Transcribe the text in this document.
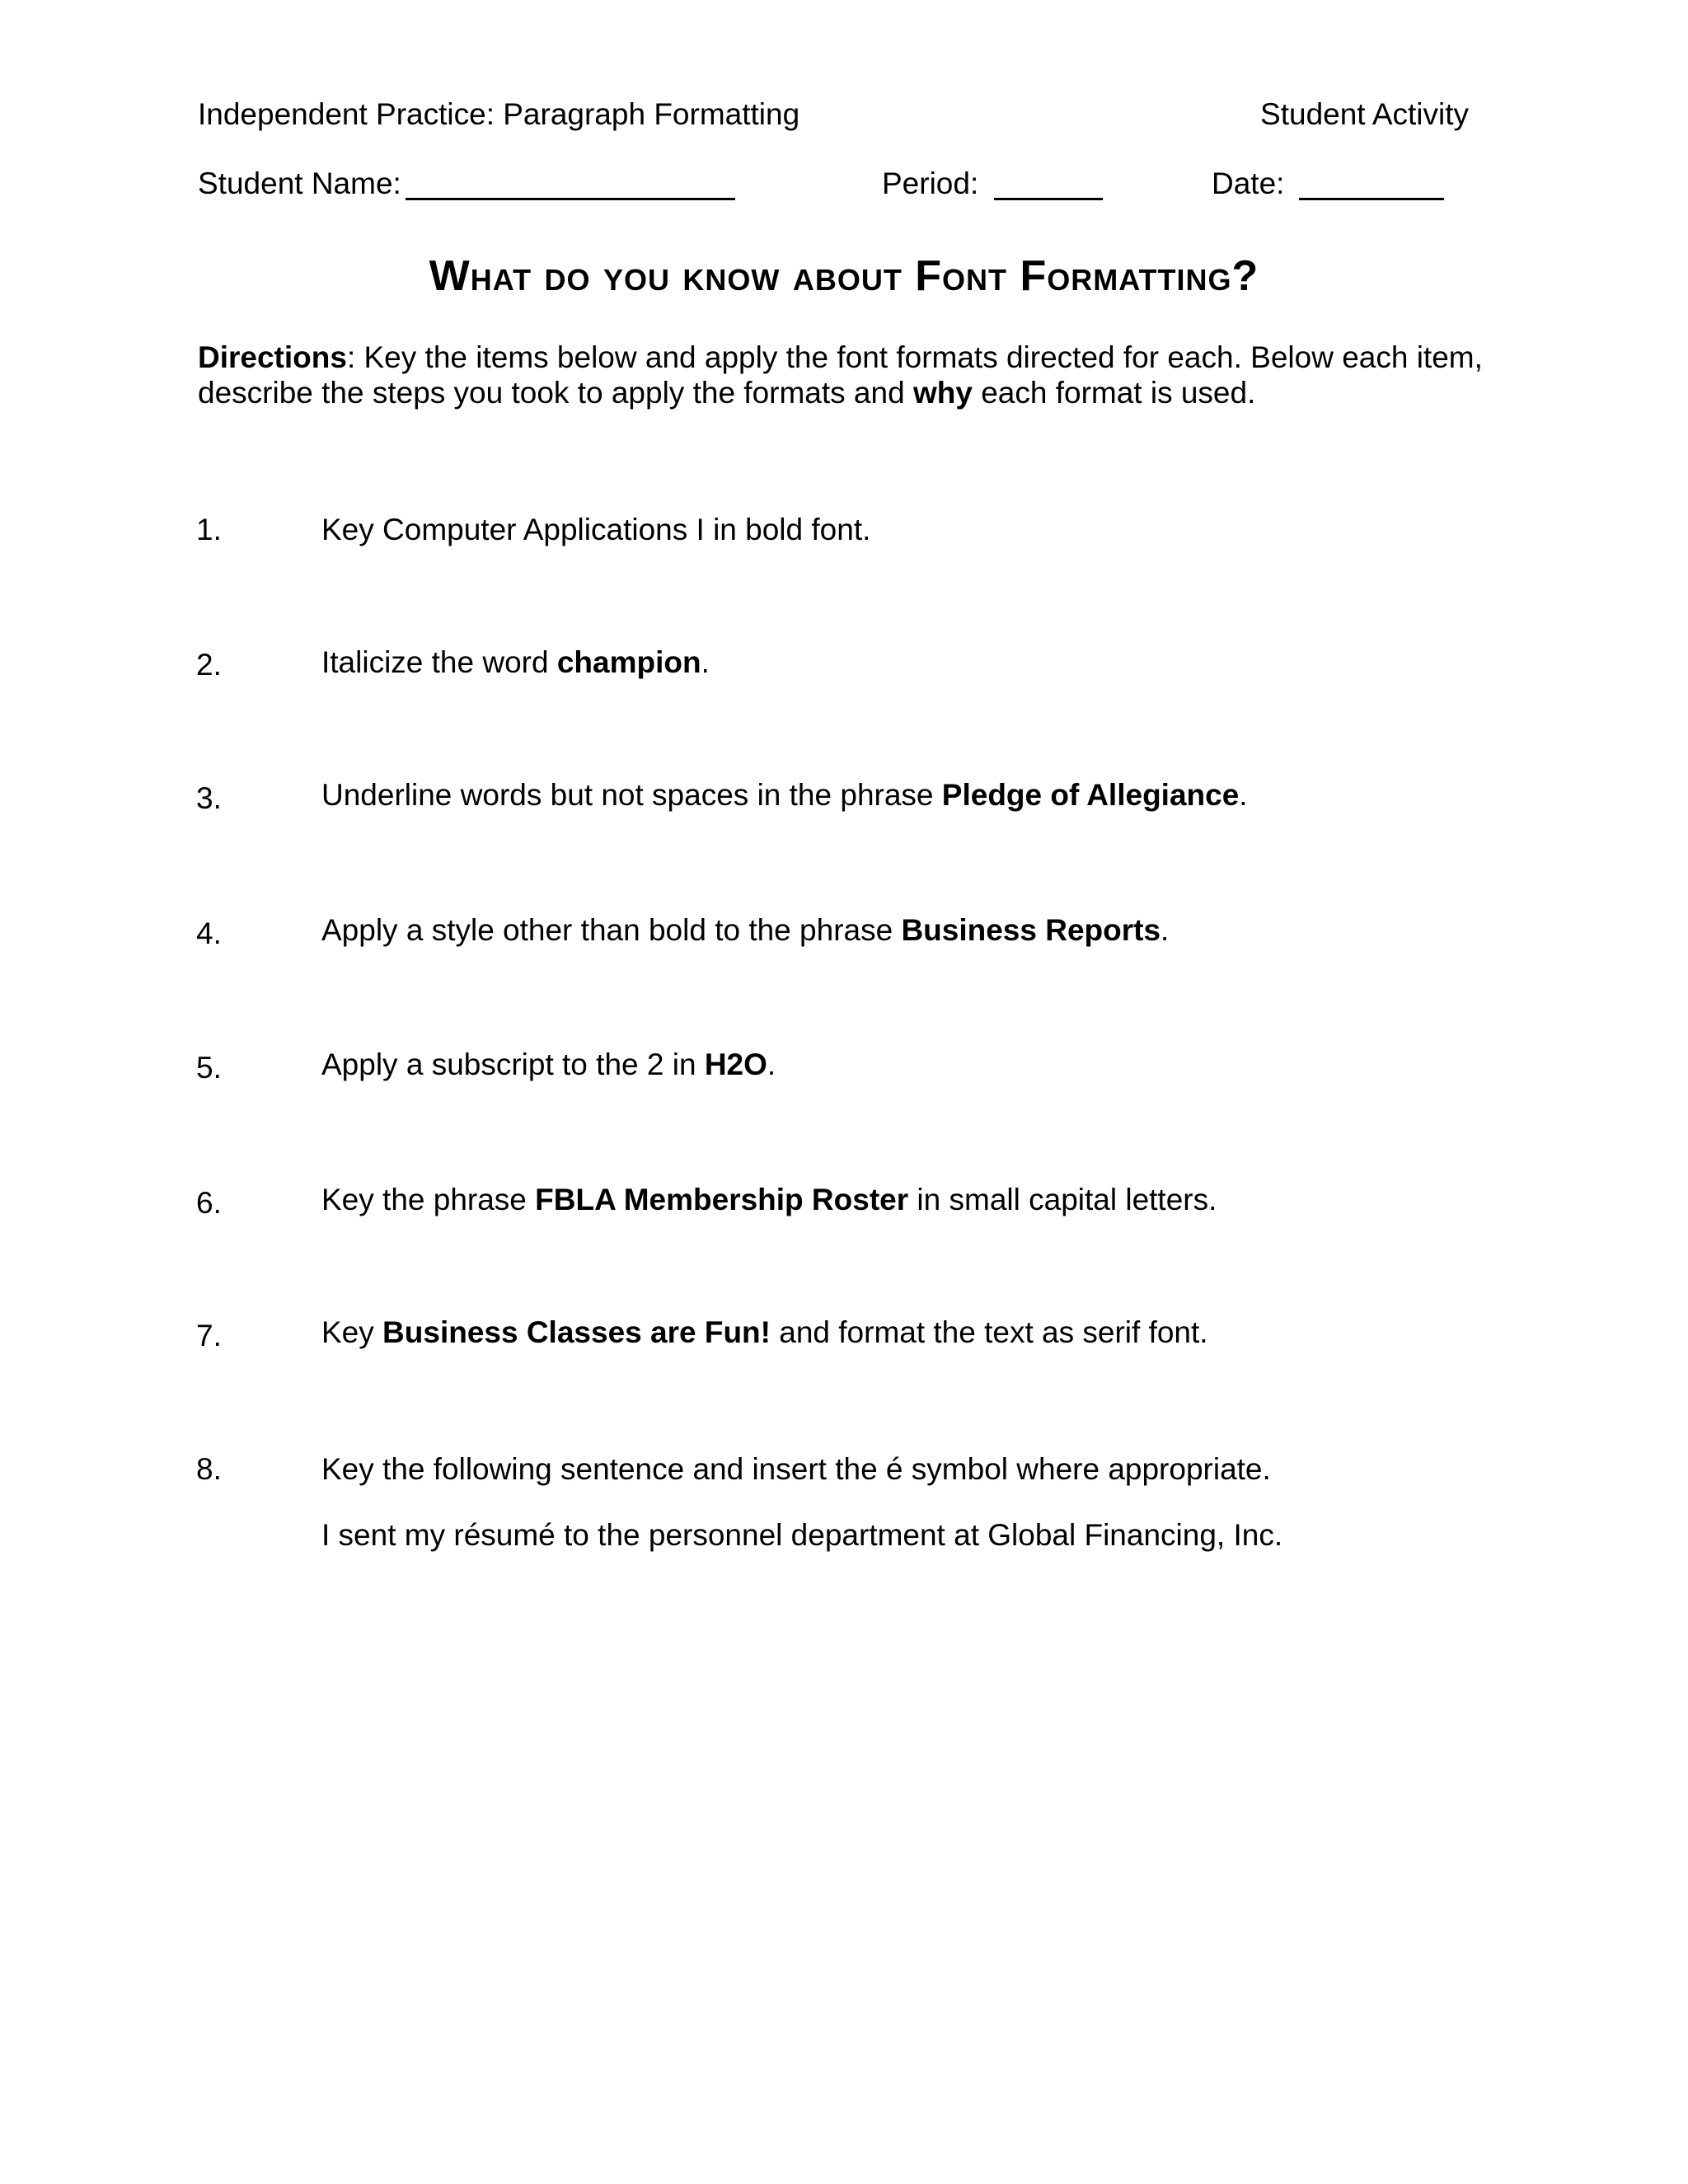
Independent Practice: Paragraph Formatting	Student Activity
Student Name:	Period:	Date:
What do you know about Font Formatting?
Directions: Key the items below and apply the font formats directed for each. Below each item, describe the steps you took to apply the formats and why each format is used.
1.	Key Computer Applications I in bold font.
2.	Italicize the word champion.
3.	Underline words but not spaces in the phrase Pledge of Allegiance.
4.	Apply a style other than bold to the phrase Business Reports.
5.	Apply a subscript to the 2 in H2O.
6.	Key the phrase FBLA Membership Roster in small capital letters.
7.	Key Business Classes are Fun! and format the text as serif font.
8.	Key the following sentence and insert the é symbol where appropriate.
I sent my résumé to the personnel department at Global Financing, Inc.
